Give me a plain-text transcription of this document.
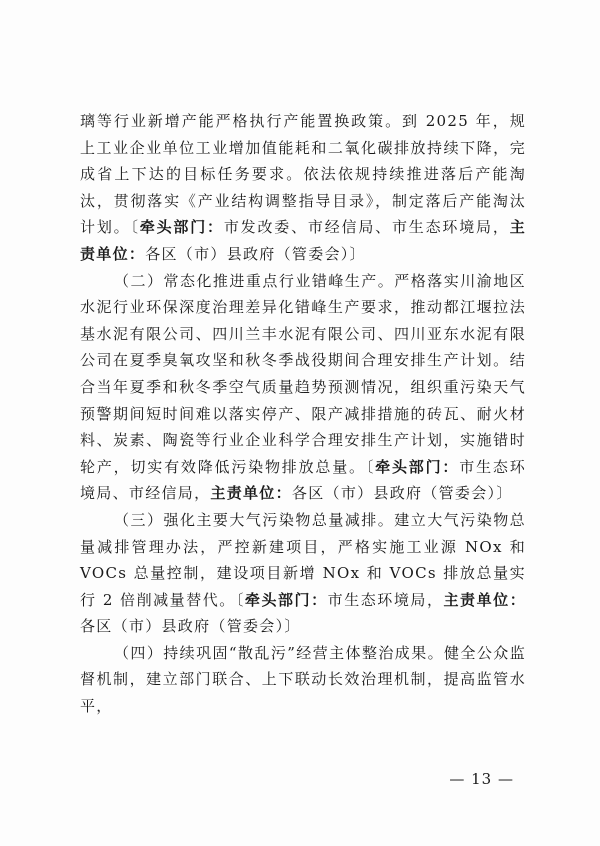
璃等行业新增产能严格执行产能置换政策。到 2025 年，规上工业企业单位工业增加值能耗和二氧化碳排放持续下降，完成省上下达的目标任务要求。依法依规持续推进落后产能淘汰，贯彻落实《产业结构调整指导目录》，制定落后产能淘汰计划。〔牵头部门：市发改委、市经信局、市生态环境局，主责单位：各区（市）县政府（管委会）〕

（二）常态化推进重点行业错峰生产。严格落实川渝地区水泥行业环保深度治理差异化错峰生产要求，推动都江堰拉法基水泥有限公司、四川兰丰水泥有限公司、四川亚东水泥有限公司在夏季臭氧攻坚和秋冬季战役期间合理安排生产计划。结合当年夏季和秋冬季空气质量趋势预测情况，组织重污染天气预警期间短时间难以落实停产、限产减排措施的砖瓦、耐火材料、炭素、陶瓷等行业企业科学合理安排生产计划，实施错时轮产，切实有效降低污染物排放总量。〔牵头部门：市生态环境局、市经信局，主责单位：各区（市）县政府（管委会）〕

（三）强化主要大气污染物总量减排。建立大气污染物总量减排管理办法，严控新建项目，严格实施工业源 NOx 和 VOCs 总量控制，建设项目新增 NOx 和 VOCs 排放总量实行 2 倍削减量替代。〔牵头部门：市生态环境局，主责单位：各区（市）县政府（管委会）〕

（四）持续巩固“散乱污”经营主体整治成果。健全公众监督机制，建立部门联合、上下联动长效治理机制，提高监管水平，

— 13 —
